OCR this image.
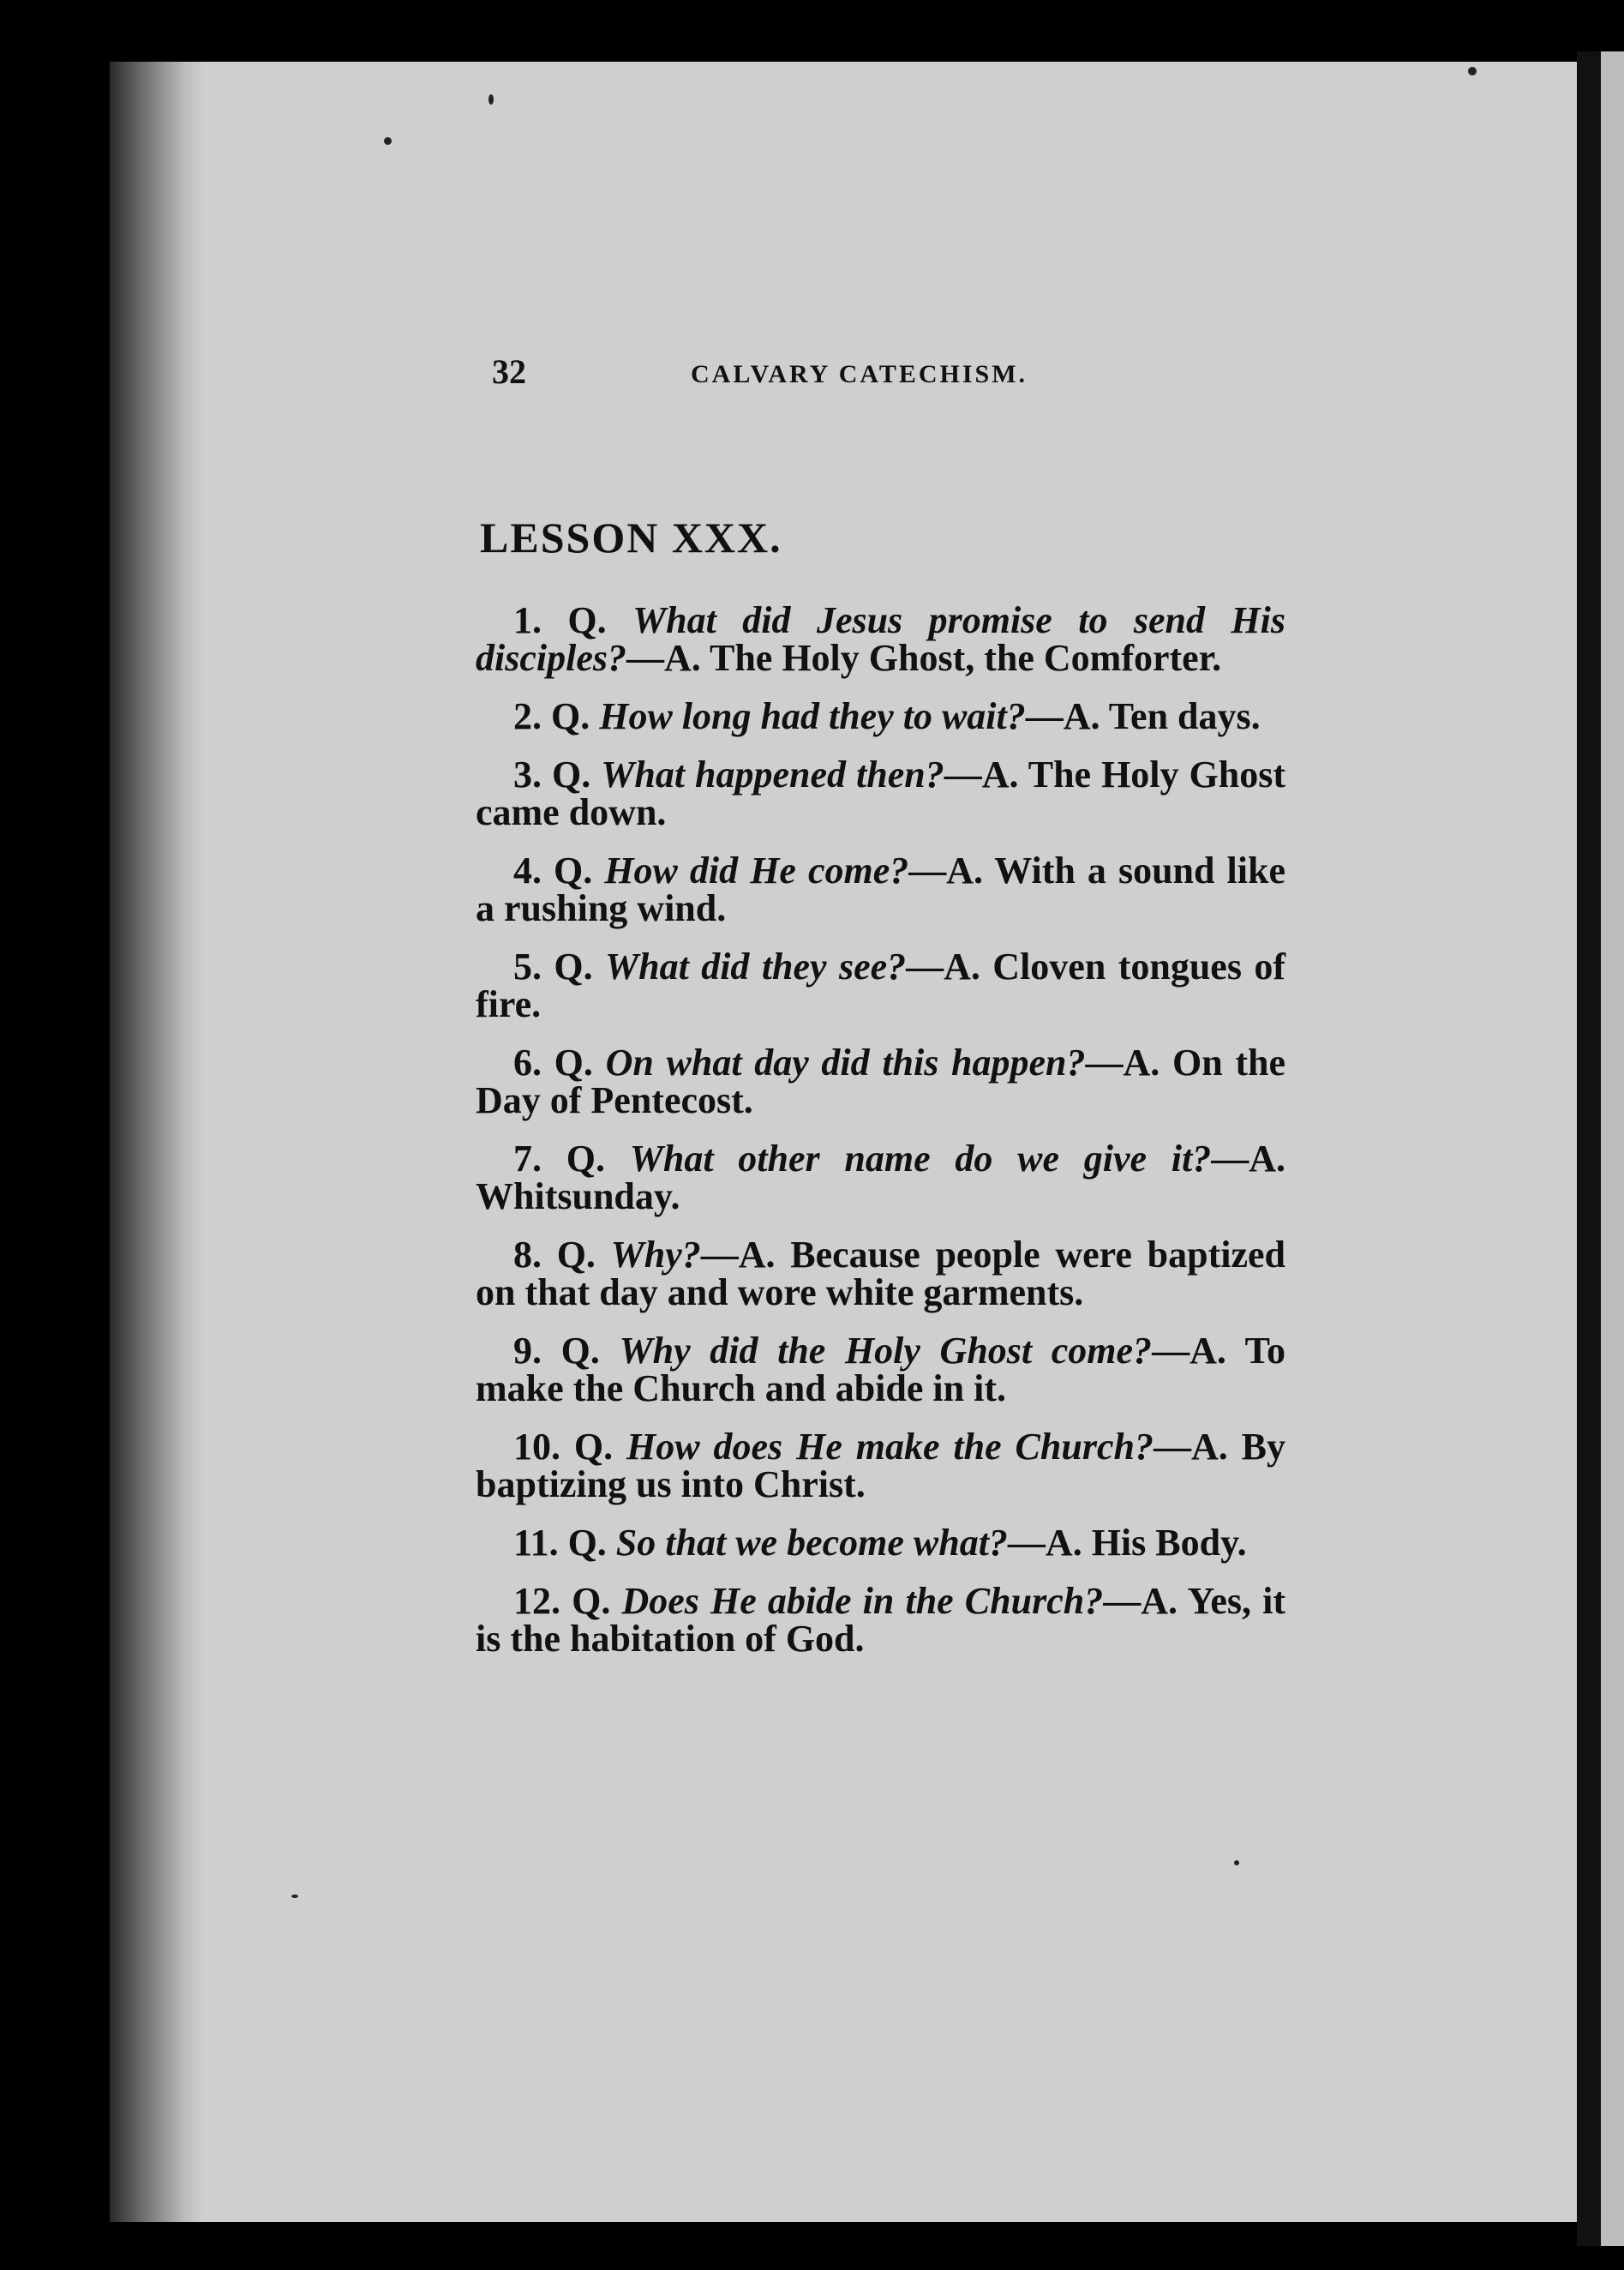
32	CALVARY CATECHISM.
LESSON XXX.

1. Q. What did Jesus promise to send His disciples?—A. The Holy Ghost, the Comforter.

2. Q. How long had they to wait?—A. Ten days.

3. Q. What happened then?—A. The Holy Ghost came down.

4. Q. How did He come?—A. With a sound like a rushing wind.

5. Q. What did they see?—A. Cloven tongues of fire.

6. Q. On what day did this happen?—A. On the Day of Pentecost.

7. Q. What other name do we give it?—A. Whitsunday.

8. Q. Why?—A. Because people were baptized on that day and wore white garments.

9. Q. Why did the Holy Ghost come?—A. To make the Church and abide in it.

10. Q. How does He make the Church?—A. By baptizing us into Christ.

11. Q. So that we become what?—A. His Body.

12. Q. Does He abide in the Church?—A. Yes, it is the habitation of God.
